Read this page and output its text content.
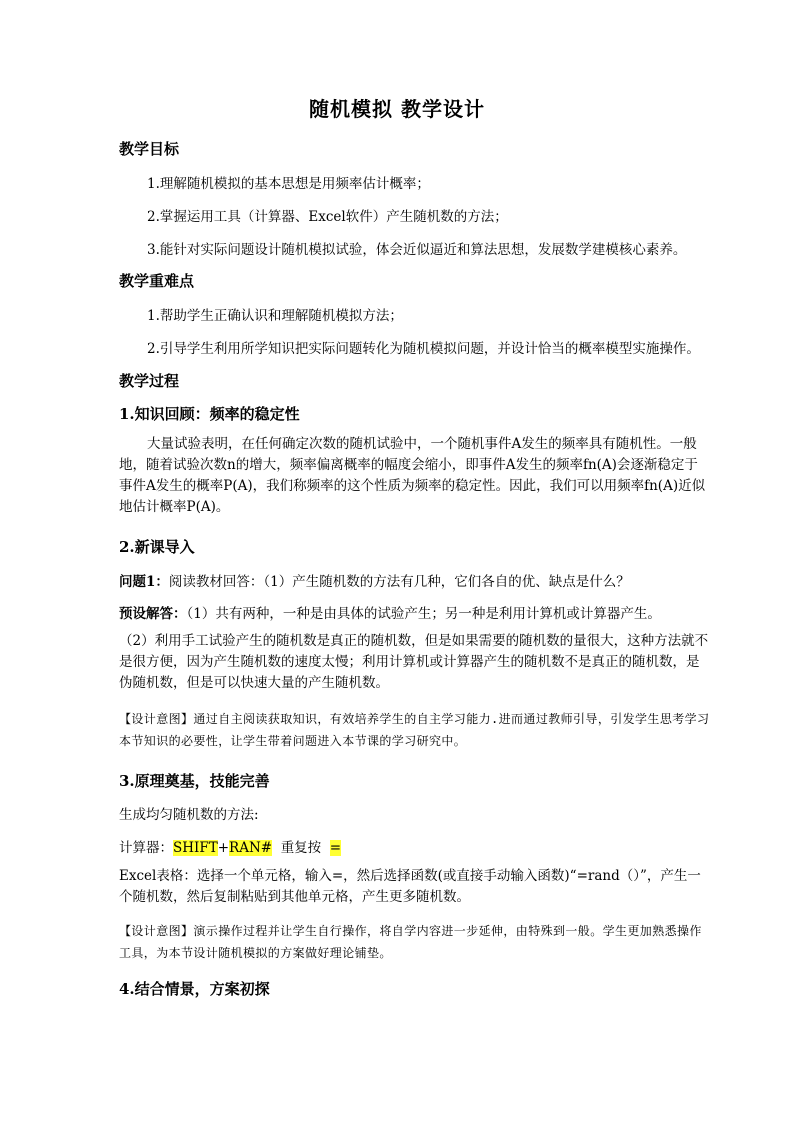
随机模拟 教学设计
教学目标
1.理解随机模拟的基本思想是用频率估计概率；
2.掌握运用工具（计算器、Excel软件）产生随机数的方法；
3.能针对实际问题设计随机模拟试验，体会近似逼近和算法思想，发展数学建模核心素养。
教学重难点
1.帮助学生正确认识和理解随机模拟方法；
2.引导学生利用所学知识把实际问题转化为随机模拟问题，并设计恰当的概率模型实施操作。
教学过程
1.知识回顾：频率的稳定性
大量试验表明，在任何确定次数的随机试验中，一个随机事件A发生的频率具有随机性。一般地，随着试验次数n的增大，频率偏离概率的幅度会缩小，即事件A发生的频率fn(A)会逐渐稳定于事件A发生的概率P(A)，我们称频率的这个性质为频率的稳定性。因此，我们可以用频率fn(A)近似地估计概率P(A)。
2.新课导入
问题1：阅读教材回答：（1）产生随机数的方法有几种，它们各自的优、缺点是什么？
预设解答：（1）共有两种，一种是由具体的试验产生；另一种是利用计算机或计算器产生。
（2）利用手工试验产生的随机数是真正的随机数，但是如果需要的随机数的量很大，这种方法就不是很方便，因为产生随机数的速度太慢；利用计算机或计算器产生的随机数不是真正的随机数，是伪随机数，但是可以快速大量的产生随机数。
【设计意图】通过自主阅读获取知识，有效培养学生的自主学习能力.进而通过教师引导，引发学生思考学习本节知识的必要性，让学生带着问题进入本节课的学习研究中。
3.原理奠基，技能完善
生成均匀随机数的方法:
计算器：SHIFT+RAN# 重复按 =
Excel表格：选择一个单元格，输入=，然后选择函数(或直接手动输入函数)“=rand（）”，产生一个随机数，然后复制粘贴到其他单元格，产生更多随机数。
【设计意图】演示操作过程并让学生自行操作，将自学内容进一步延伸，由特殊到一般。学生更加熟悉操作工具，为本节设计随机模拟的方案做好理论铺垫。
4.结合情景，方案初探
